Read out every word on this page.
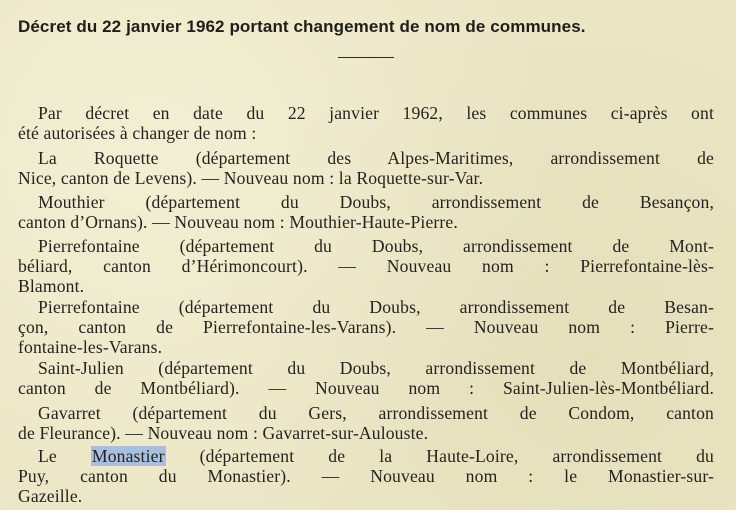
Décret du 22 janvier 1962 portant changement de nom de communes.
Par décret en date du 22 janvier 1962, les communes ci-après ont
été autorisées à changer de nom :
La Roquette (département des Alpes-Maritimes, arrondissement de
Nice, canton de Levens). — Nouveau nom : la Roquette-sur-Var.
Mouthier (département du Doubs, arrondissement de Besançon,
canton d’Ornans). — Nouveau nom : Mouthier-Haute-Pierre.
Pierrefontaine (département du Doubs, arrondissement de Mont-
béliard, canton d’Hérimoncourt). — Nouveau nom : Pierrefontaine-lès-
Blamont.
Pierrefontaine (département du Doubs, arrondissement de Besan-
çon, canton de Pierrefontaine-les-Varans). — Nouveau nom : Pierre-
fontaine-les-Varans.
Saint-Julien (département du Doubs, arrondissement de Montbéliard,
canton de Montbéliard). — Nouveau nom : Saint-Julien-lès-Montbéliard.
Gavarret (département du Gers, arrondissement de Condom, canton
de Fleurance). — Nouveau nom : Gavarret-sur-Aulouste.
Le Monastier (département de la Haute-Loire, arrondissement du
Puy, canton du Monastier). — Nouveau nom : le Monastier-sur-
Gazeille.
